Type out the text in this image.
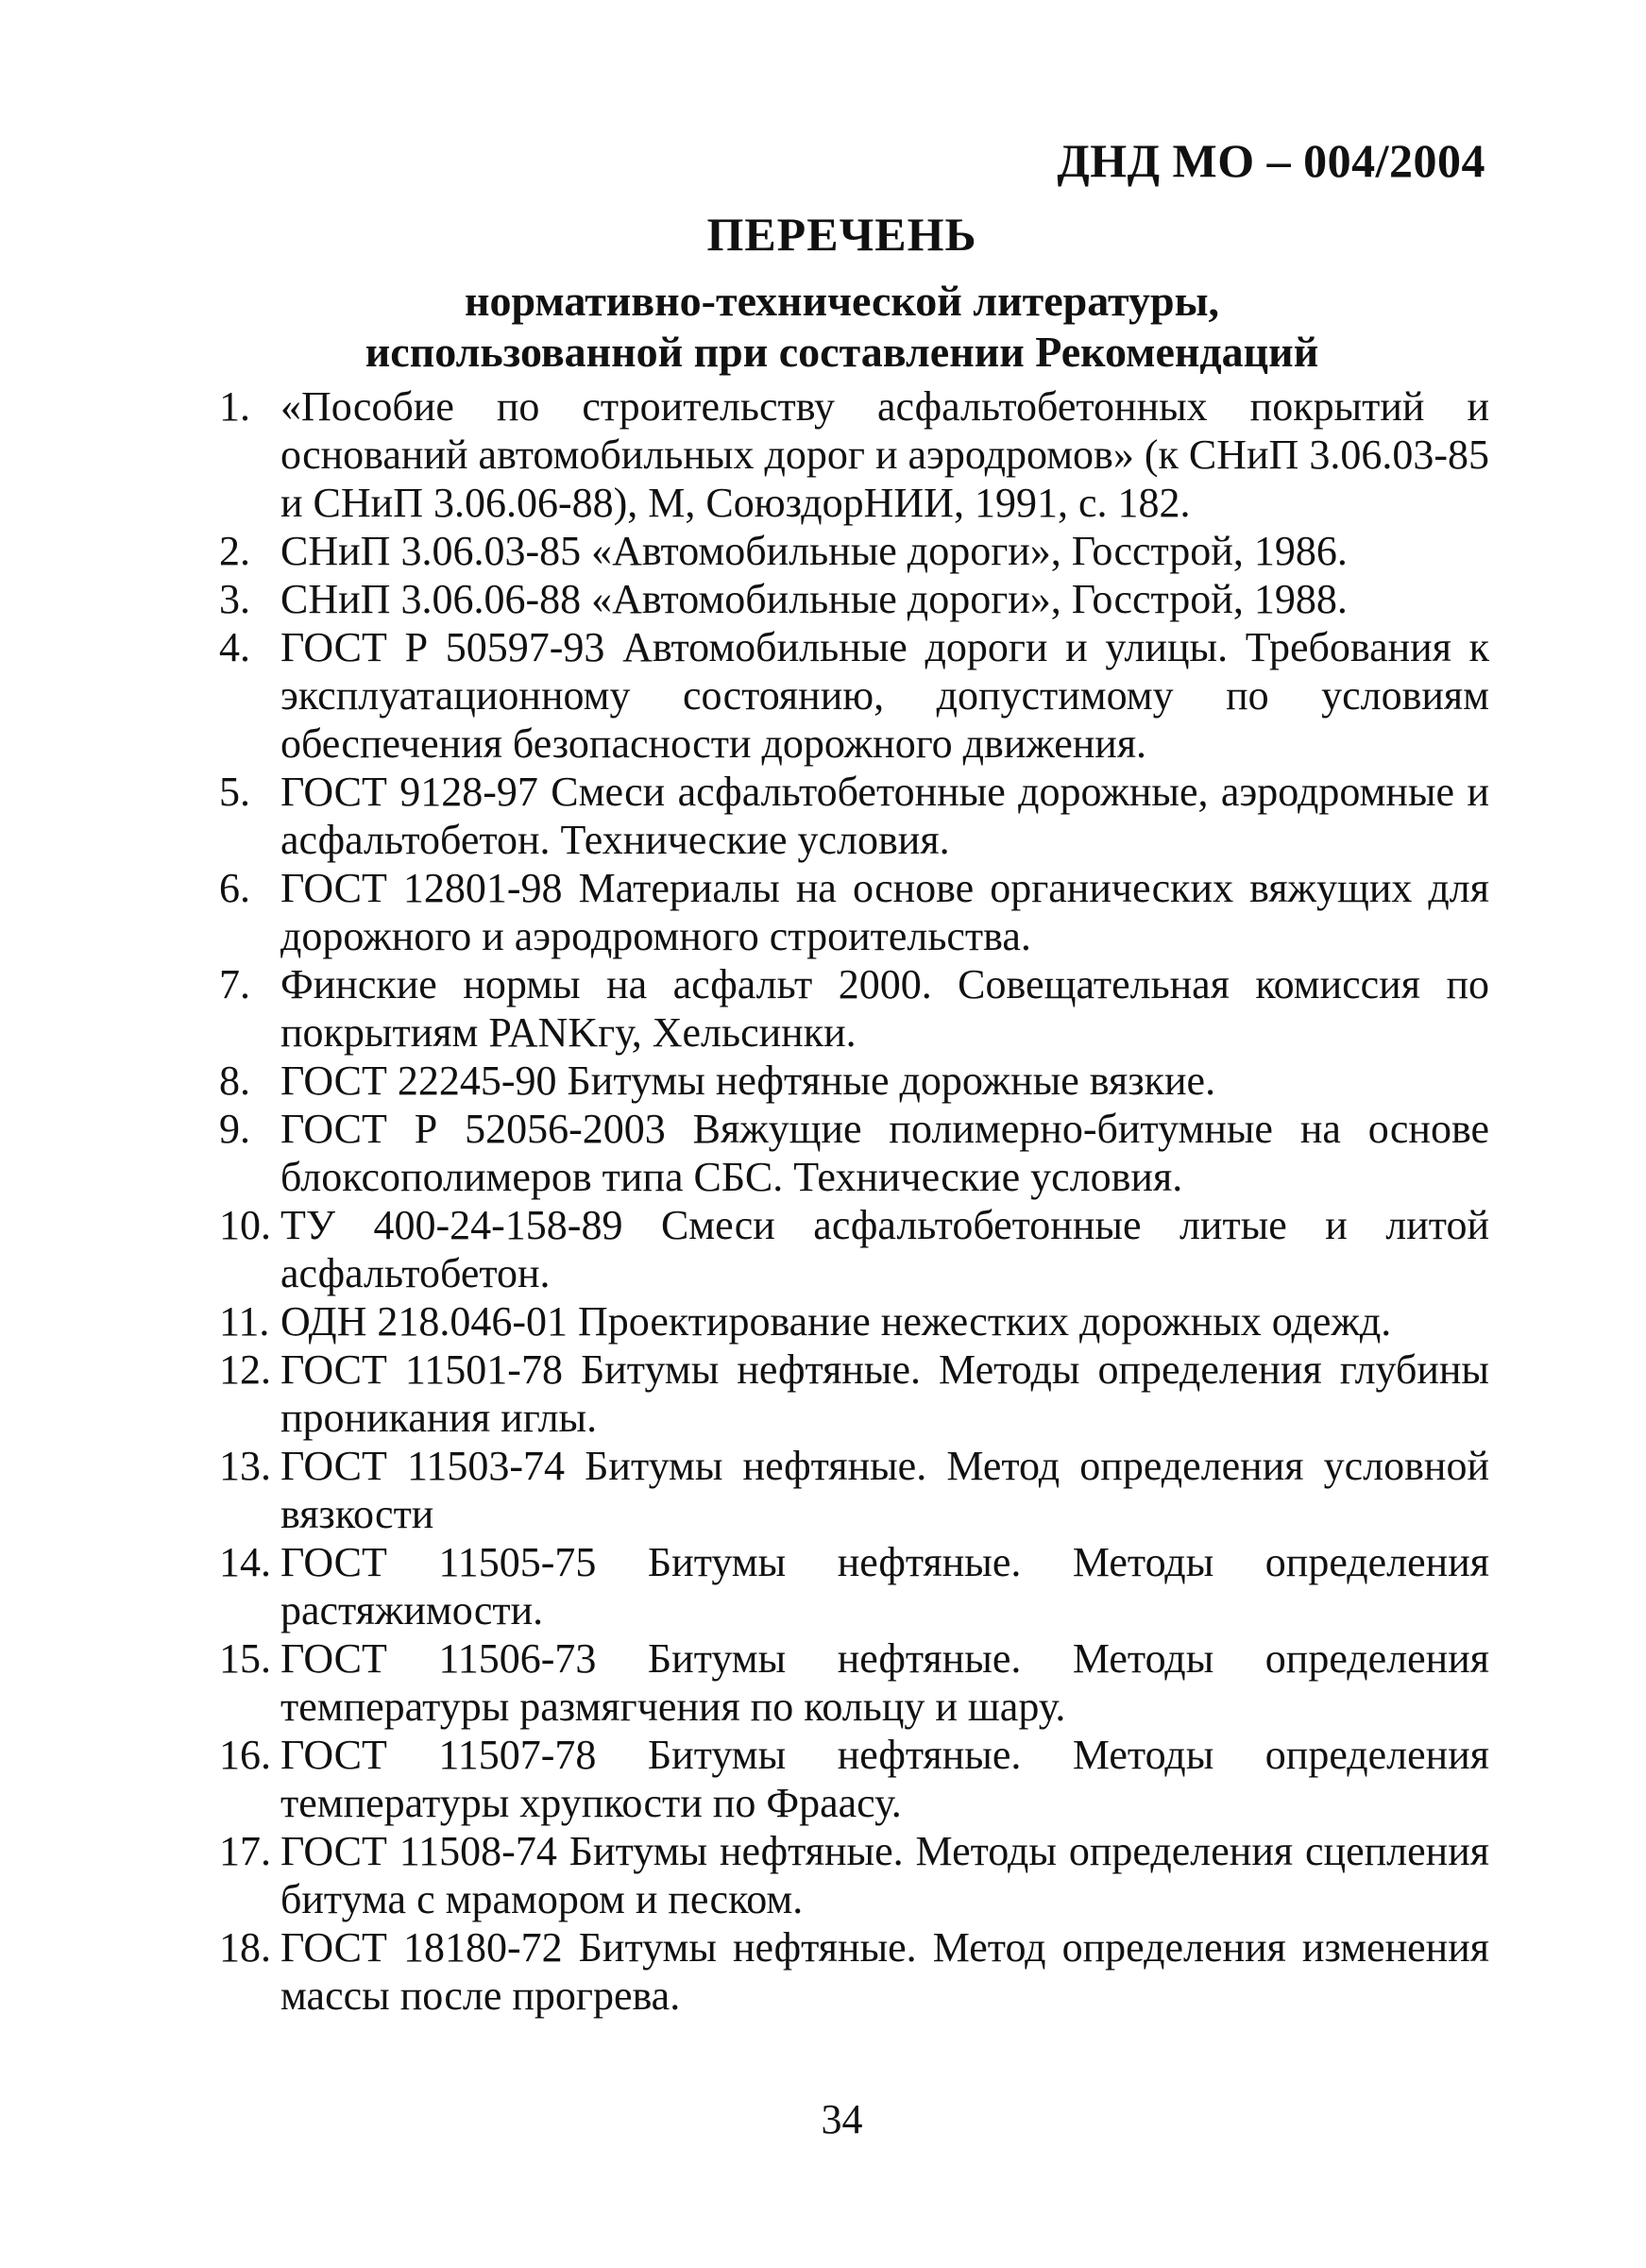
ДНД МО – 004/2004
ПЕРЕЧЕНЬ
нормативно-технической литературы,
использованной при составлении Рекомендаций
1. «Пособие по строительству асфальтобетонных покрытий и оснований автомобильных дорог и аэродромов» (к СНиП 3.06.03-85 и СНиП 3.06.06-88), М, СоюздорНИИ, 1991, с. 182.
2. СНиП 3.06.03-85 «Автомобильные дороги», Госстрой, 1986.
3. СНиП 3.06.06-88 «Автомобильные дороги», Госстрой, 1988.
4. ГОСТ Р 50597-93 Автомобильные дороги и улицы. Требования к эксплуатационному состоянию, допустимому по условиям обеспечения безопасности дорожного движения.
5. ГОСТ 9128-97 Смеси асфальтобетонные дорожные, аэродромные и асфальтобетон. Технические условия.
6. ГОСТ 12801-98 Материалы на основе органических вяжущих для дорожного и аэродромного строительства.
7. Финские нормы на асфальт 2000. Совещательная комиссия по покрытиям PANKгу, Хельсинки.
8. ГОСТ 22245-90 Битумы нефтяные дорожные вязкие.
9. ГОСТ Р 52056-2003 Вяжущие полимерно-битумные на основе блоксополимеров типа СБС. Технические условия.
10. ТУ 400-24-158-89 Смеси асфальтобетонные литые и литой асфальтобетон.
11. ОДН 218.046-01 Проектирование нежестких дорожных одежд.
12. ГОСТ 11501-78 Битумы нефтяные. Методы определения глубины проникания иглы.
13. ГОСТ 11503-74 Битумы нефтяные. Метод определения условной вязкости
14. ГОСТ 11505-75 Битумы нефтяные. Методы определения растяжимости.
15. ГОСТ 11506-73 Битумы нефтяные. Методы определения температуры размягчения по кольцу и шару.
16. ГОСТ 11507-78 Битумы нефтяные. Методы определения температуры хрупкости по Фраасу.
17. ГОСТ 11508-74 Битумы нефтяные. Методы определения сцепления битума с мрамором и песком.
18. ГОСТ 18180-72 Битумы нефтяные. Метод определения изменения массы после прогрева.
34
